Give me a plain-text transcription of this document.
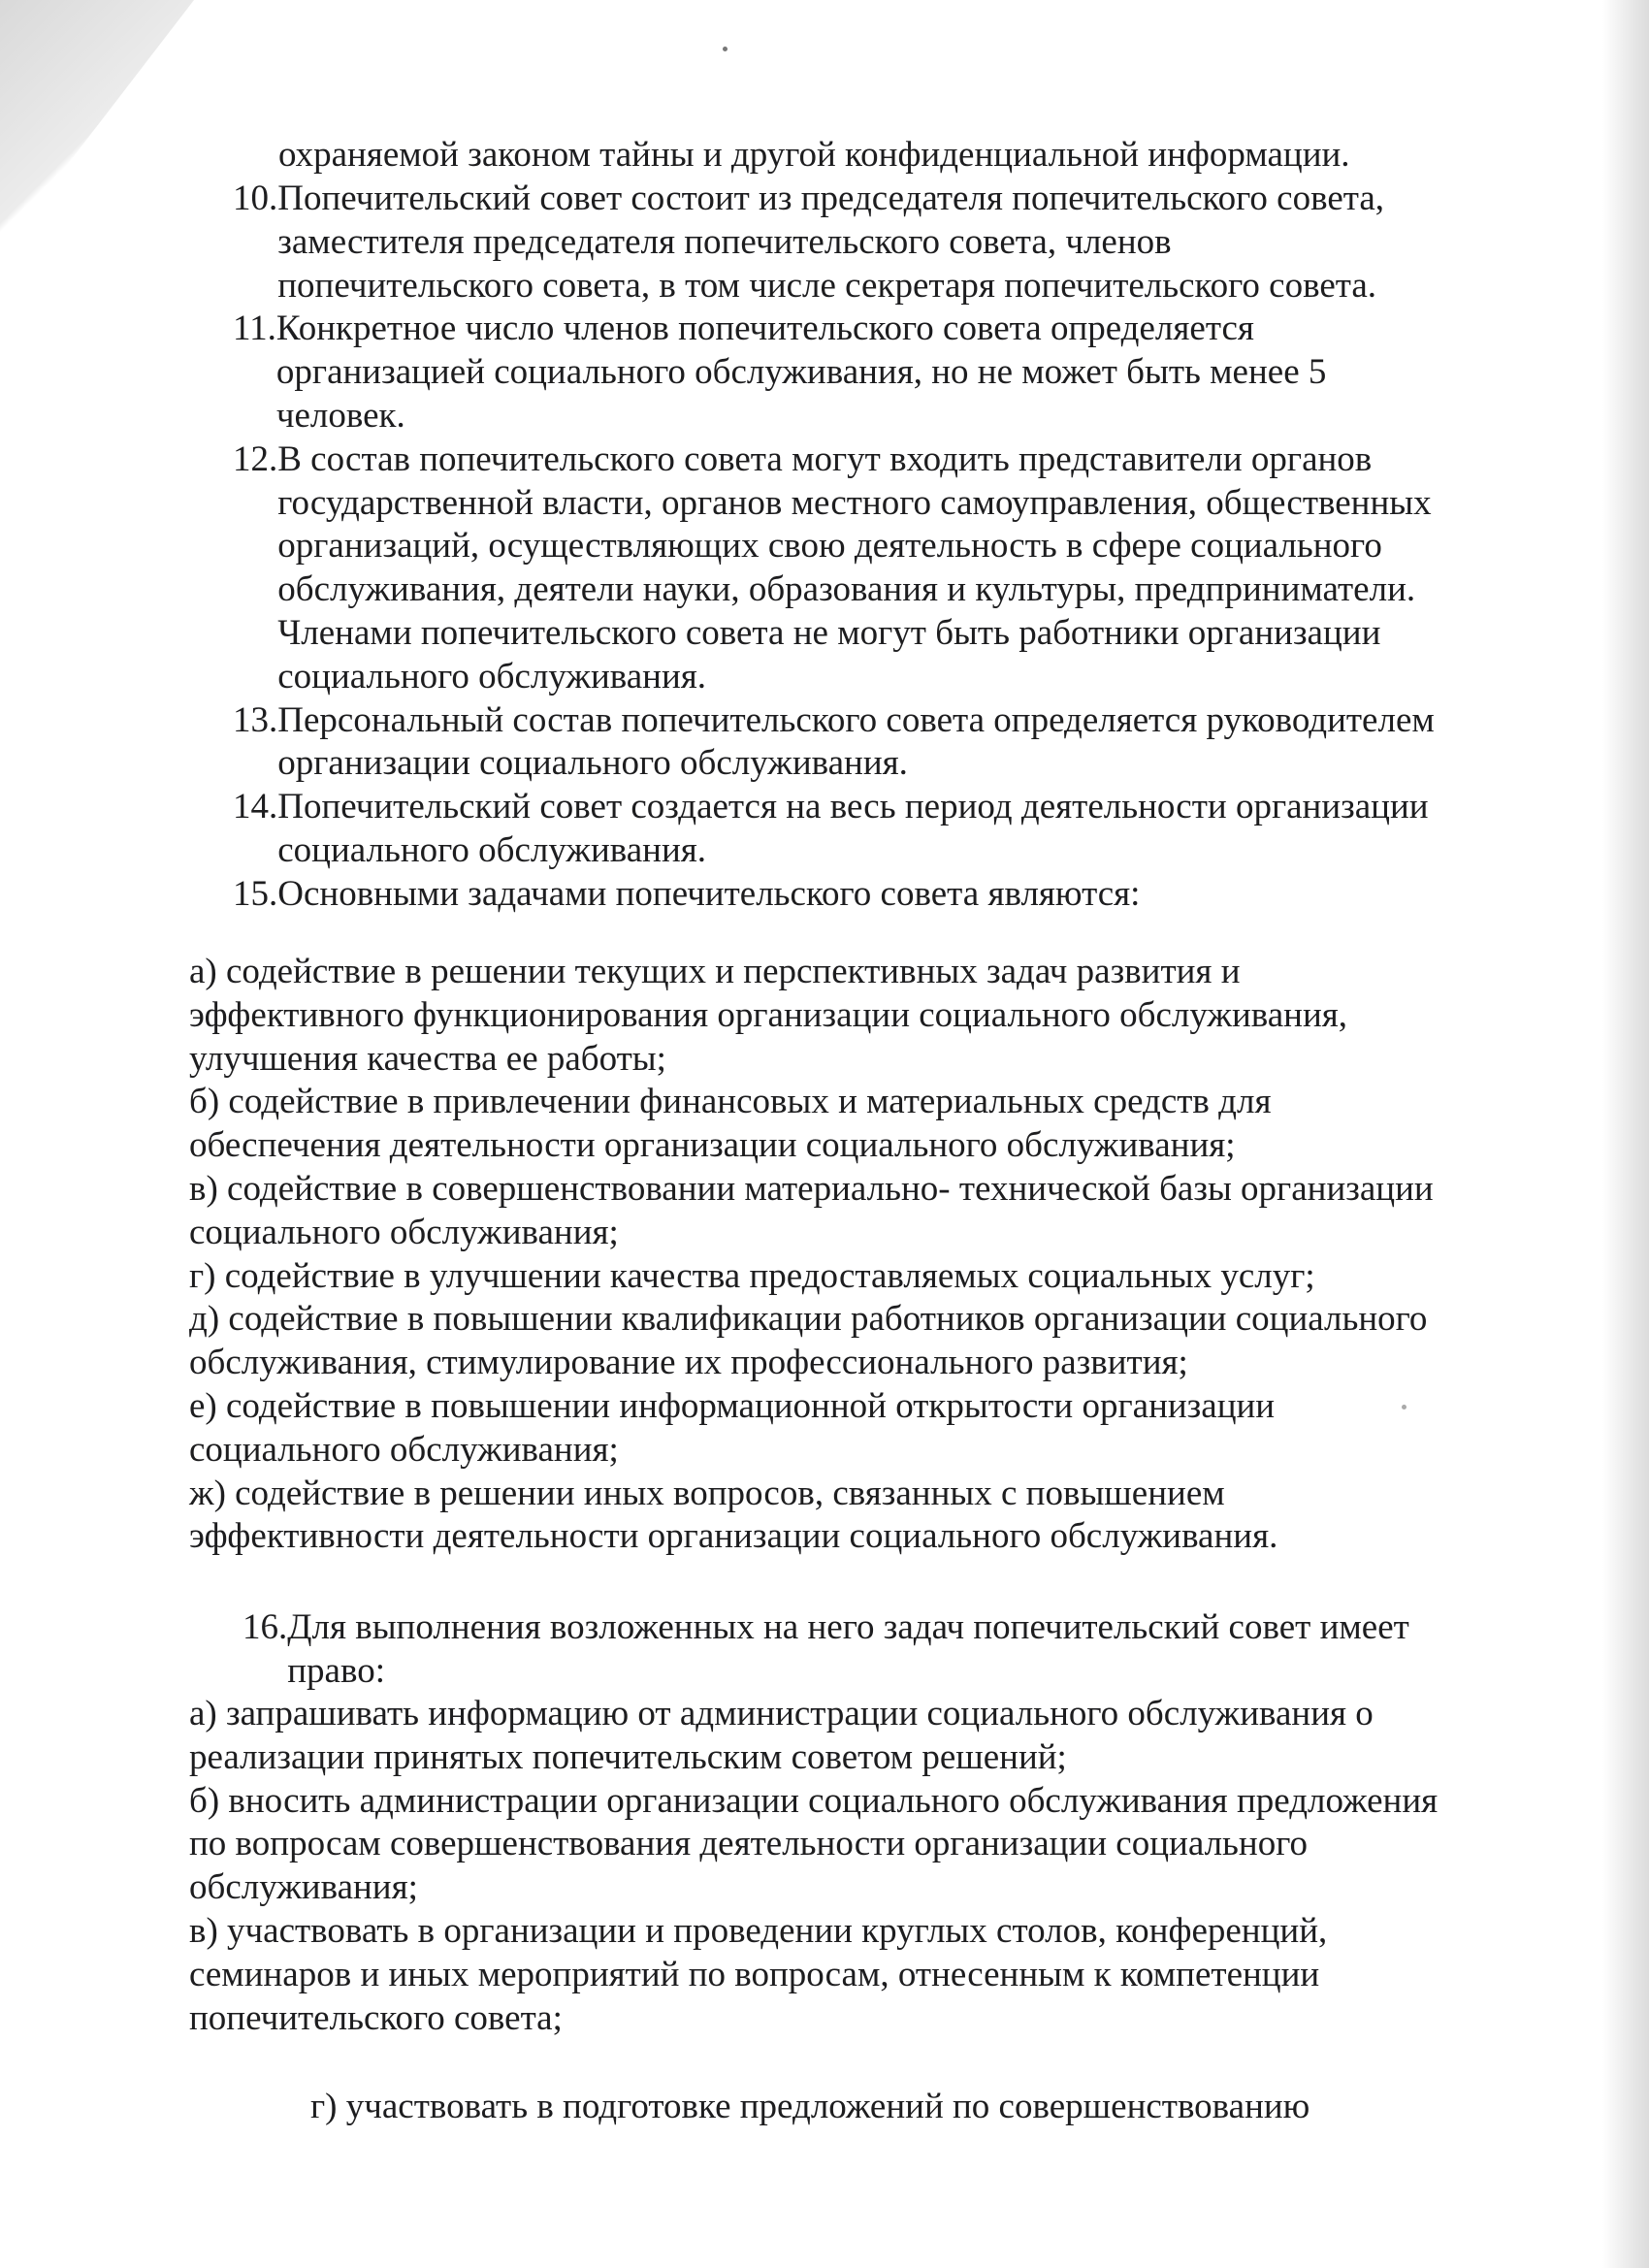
охраняемой законом тайны и другой конфиденциальной информации.
10. Попечительский совет состоит из председателя попечительского совета, заместителя председателя попечительского совета, членов попечительского совета, в том числе секретаря попечительского совета.
11. Конкретное число членов попечительского совета определяется организацией социального обслуживания, но не может быть менее 5 человек.
12. В состав попечительского совета могут входить представители органов государственной власти, органов местного самоуправления, общественных организаций, осуществляющих свою деятельность в сфере социального обслуживания, деятели науки, образования и культуры, предприниматели. Членами попечительского совета не могут быть работники организации социального обслуживания.
13. Персональный состав попечительского совета определяется руководителем организации социального обслуживания.
14. Попечительский совет создается на весь период деятельности организации социального обслуживания.
15. Основными задачами попечительского совета являются:

а) содействие в решении текущих и перспективных задач развития и эффективного функционирования организации социального обслуживания, улучшения качества ее работы;

б) содействие в привлечении финансовых и материальных средств для обеспечения деятельности организации социального обслуживания;

в) содействие в совершенствовании материально- технической базы организации социального обслуживания;

г) содействие в улучшении качества предоставляемых социальных услуг;

д) содействие в повышении квалификации работников организации социального обслуживания, стимулирование их профессионального развития;

е) содействие в повышении информационной открытости организации социального обслуживания;

ж) содействие в решении иных вопросов, связанных с повышением эффективности деятельности организации социального обслуживания.

16. Для выполнения возложенных на него задач попечительский совет имеет право:

а) запрашивать информацию от администрации социального обслуживания о реализации принятых попечительским советом решений;

б) вносить администрации организации социального обслуживания предложения по вопросам совершенствования деятельности организации социального обслуживания;

в) участвовать в организации и проведении круглых столов, конференций, семинаров и иных мероприятий по вопросам, отнесенным к компетенции попечительского совета;

г) участвовать в подготовке предложений по совершенствованию
